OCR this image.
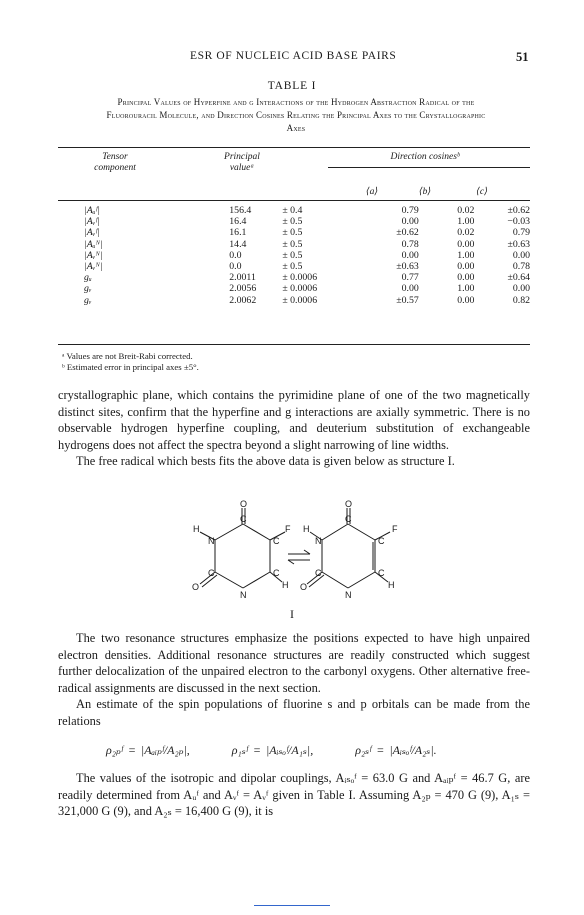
ESR OF NUCLEIC ACID BASE PAIRS	51
TABLE I
Principal Values of Hyperfine and g Interactions of the Hydrogen Abstraction Radical of the Fluorouracil Molecule, and Direction Cosines Relating the Principal Axes to the Crystallographic Axes
Tensor
component
Principal
valueᵃ
Direction cosinesᵇ
⟨a⟩	⟨b⟩	⟨c⟩
|Aᵤᶠ|	156.4	± 0.4	0.79	0.02	±0.62
|Aᵥᶠ|	16.4	± 0.5	0.00	1.00	−0.03
|Aᵥᶠ|	16.1	± 0.5	±0.62	0.02	0.79
|Aᵤᴺ|	14.4	± 0.5	0.78	0.00	±0.63
|Aᵥᴺ|	0.0	± 0.5	0.00	1.00	0.00
|Aᵥᴺ|	0.0	± 0.5	±0.63	0.00	0.78
gᵤ	2.0011	± 0.0006	0.77	0.00	±0.64
gᵥ	2.0056	± 0.0006	0.00	1.00	0.00
gᵥ	2.0062	± 0.0006	±0.57	0.00	0.82
ᵃ Values are not Breit-Rabi corrected.
ᵇ Estimated error in principal axes ±5°.

crystallographic plane, which contains the pyrimidine plane of one of the two magnetically distinct sites, confirm that the hyperfine and g interactions are axially symmetric. There is no observable hydrogen hyperfine coupling, and deuterium substitution of exchangeable hydrogens does not affect the spectra beyond a slight narrowing of line widths.

The free radical which bests fits the above data is given below as structure I.

O
C
H
N	C
F
C
H
O
C
N
O
C
H
N	C
F
C
H
O
C
N
I

The two resonance structures emphasize the positions expected to have high unpaired electron densities. Additional resonance structures are readily constructed which suggest further delocalization of the unpaired electron to the carbonyl oxygens. Other alternative free-radical assignments are discussed in the next section.

An estimate of the spin populations of fluorine s and p orbitals can be made from the relations

ρ₂ₚᶠ = |Aₐᵢₚᶠ/A₂ₚ|,	ρ₁ₛᶠ = |Aᵢₛₒᶠ/A₁ₛ|,	ρ₂ₛᶠ = |Aᵢₛₒᶠ/A₂ₛ|.

The values of the isotropic and dipolar couplings, Aᵢₛₒᶠ = 63.0 G and Aₐᵢₚᶠ = 46.7 G, are readily determined from Aᵤᶠ and Aᵥᶠ = Aᵥᶠ given in Table I. Assuming A₂ₚ = 470 G (9), A₁ₛ = 321,000 G (9), and A₂ₛ = 16,400 G (9), it is
